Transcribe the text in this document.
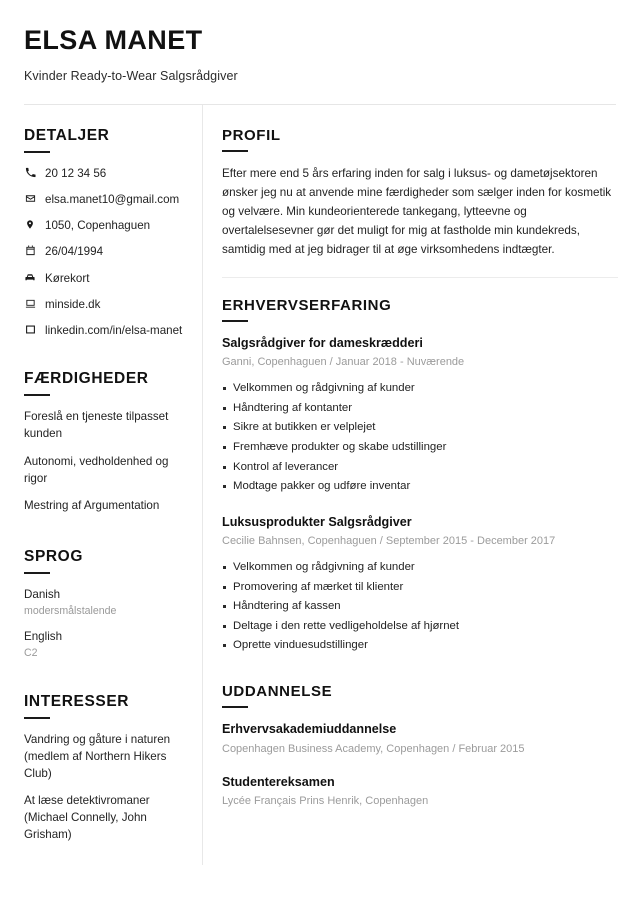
ELSA MANET
Kvinder Ready-to-Wear Salgsrådgiver
DETALJER
20 12 34 56
elsa.manet10@gmail.com
1050, Copenhaguen
26/04/1994
Kørekort
minside.dk
linkedin.com/in/elsa-manet
FÆRDIGHEDER
Foreslå en tjeneste tilpasset kunden
Autonomi, vedholdenhed og rigor
Mestring af Argumentation
SPROG
Danish
modersmålstalende
English
C2
INTERESSER
Vandring og gåture i naturen (medlem af Northern Hikers Club)
At læse detektivromaner (Michael Connelly, John Grisham)
PROFIL
Efter mere end 5 års erfaring inden for salg i luksus- og dametøjsektoren ønsker jeg nu at anvende mine færdigheder som sælger inden for kosmetik og velvære. Min kundeorienterede tankegang, lytteevne og overtalelsesevner gør det muligt for mig at fastholde min kundekreds, samtidig med at jeg bidrager til at øge virksomhedens indtægter.
ERHVERVSERFARING
Salgsrådgiver for dameskrædderi
Ganni, Copenhaguen / Januar 2018 - Nuværende
Velkommen og rådgivning af kunder
Håndtering af kontanter
Sikre at butikken er velplejet
Fremhæve produkter og skabe udstillinger
Kontrol af leverancer
Modtage pakker og udføre inventar
Luksusprodukter Salgsrådgiver
Cecilie Bahnsen, Copenhaguen / September 2015 - December 2017
Velkommen og rådgivning af kunder
Promovering af mærket til klienter
Håndtering af kassen
Deltage i den rette vedligeholdelse af hjørnet
Oprette vinduesudstillinger
UDDANNELSE
Erhvervsakademiuddannelse
Copenhagen Business Academy, Copenhagen / Februar 2015
Studentereksamen
Lycée Français Prins Henrik, Copenhagen
